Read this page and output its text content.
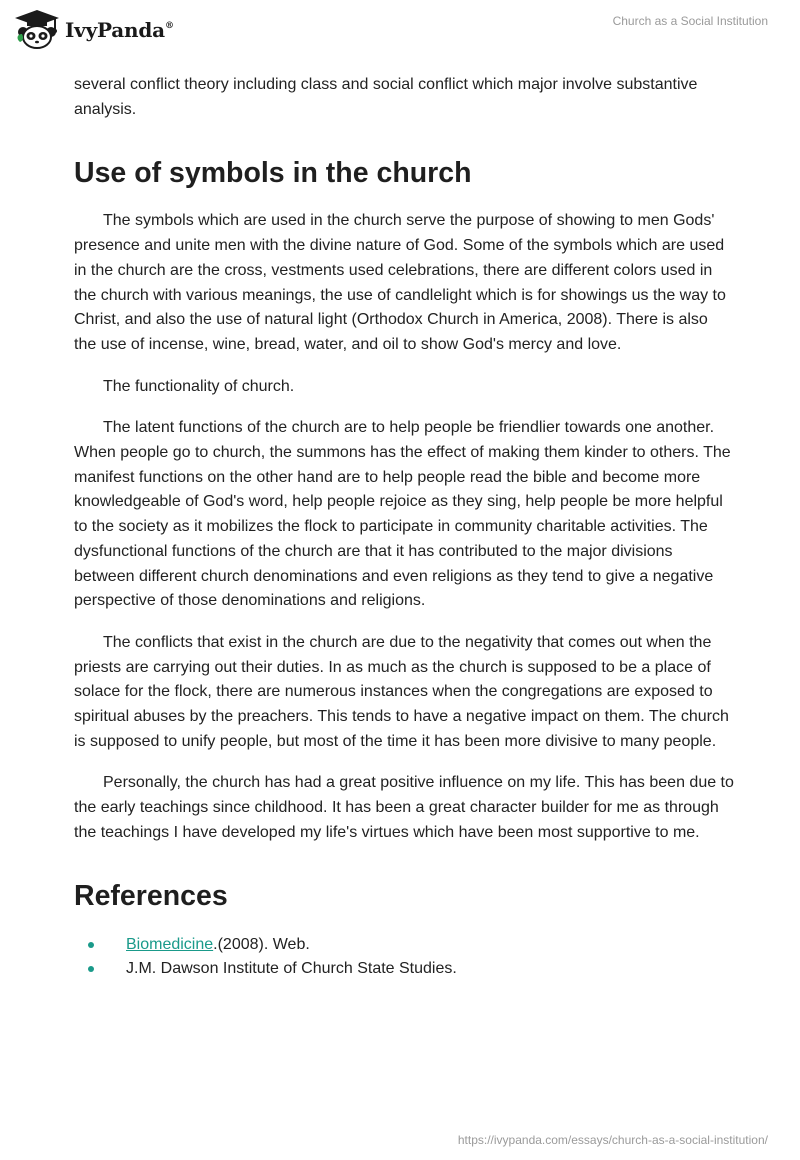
IvyPanda®	Church as a Social Institution

several conflict theory including class and social conflict which major involve substantive analysis.

Use of symbols in the church

The symbols which are used in the church serve the purpose of showing to men Gods' presence and unite men with the divine nature of God. Some of the symbols which are used in the church are the cross, vestments used celebrations, there are different colors used in the church with various meanings, the use of candlelight which is for showings us the way to Christ, and also the use of natural light (Orthodox Church in America, 2008). There is also the use of incense, wine, bread, water, and oil to show God's mercy and love.

The functionality of church.

The latent functions of the church are to help people be friendlier towards one another. When people go to church, the summons has the effect of making them kinder to others. The manifest functions on the other hand are to help people read the bible and become more knowledgeable of God's word, help people rejoice as they sing, help people be more helpful to the society as it mobilizes the flock to participate in community charitable activities. The dysfunctional functions of the church are that it has contributed to the major divisions between different church denominations and even religions as they tend to give a negative perspective of those denominations and religions.

The conflicts that exist in the church are due to the negativity that comes out when the priests are carrying out their duties. In as much as the church is supposed to be a place of solace for the flock, there are numerous instances when the congregations are exposed to spiritual abuses by the preachers. This tends to have a negative impact on them. The church is supposed to unify people, but most of the time it has been more divisive to many people.

Personally, the church has had a great positive influence on my life. This has been due to the early teachings since childhood. It has been a great character builder for me as through the teachings I have developed my life's virtues which have been most supportive to me.

References
Biomedicine.(2008). Web.
J.M. Dawson Institute of Church State Studies.
https://ivypanda.com/essays/church-as-a-social-institution/
